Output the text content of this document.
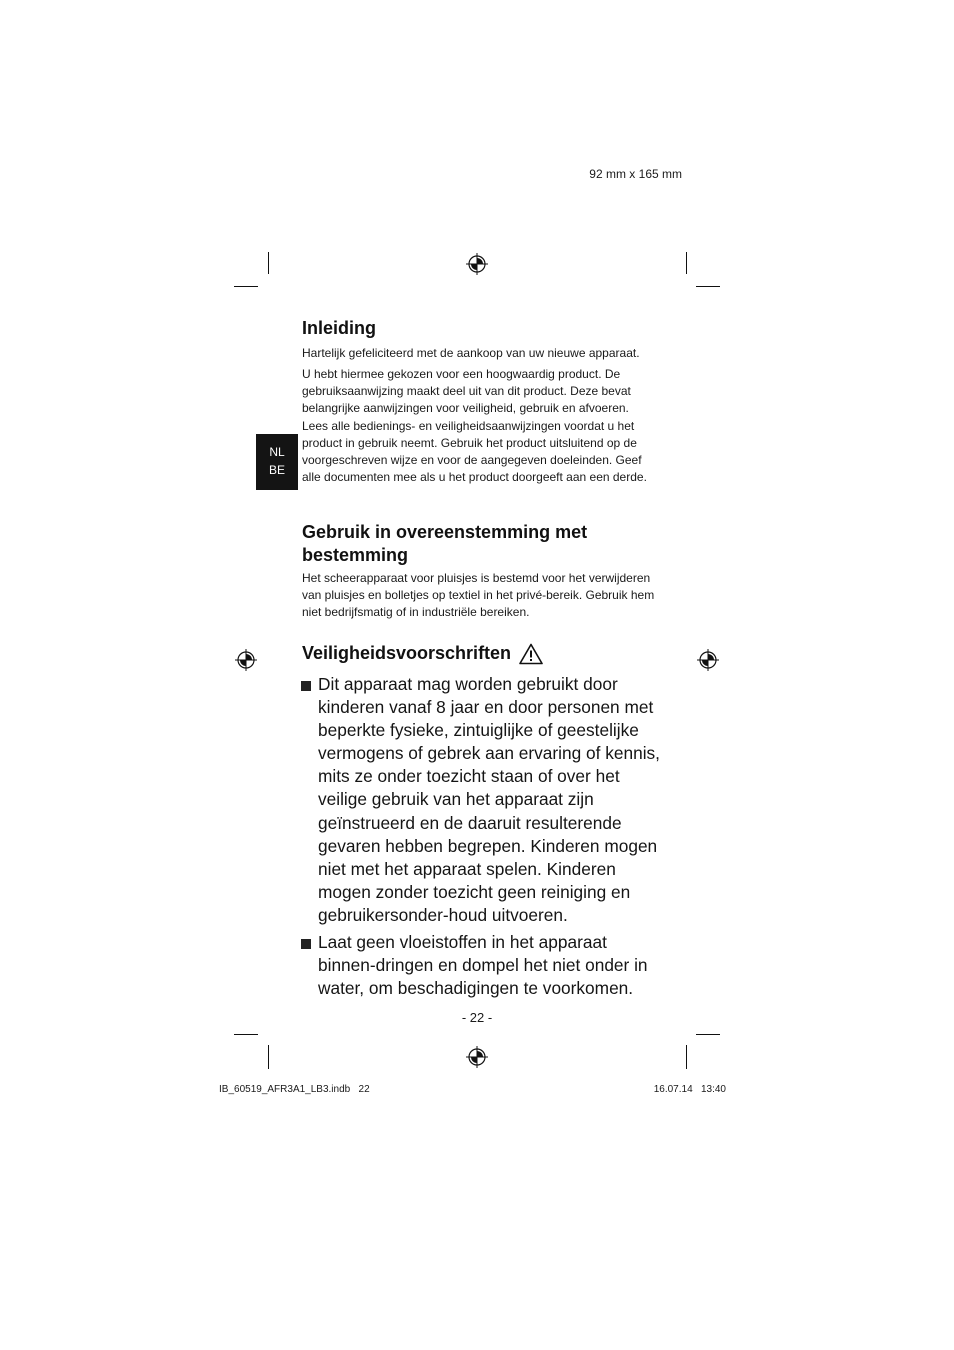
92 mm x 165 mm
NL
BE
Inleiding

Hartelijk gefeliciteerd met de aankoop van uw nieuwe apparaat.

U hebt hiermee gekozen voor een hoogwaardig product. De gebruiksaanwijzing maakt deel uit van dit product. Deze bevat belangrijke aanwijzingen voor veiligheid, gebruik en afvoeren. Lees alle bedienings- en veiligheidsaanwijzingen voordat u het product in gebruik neemt. Gebruik het product uitsluitend op de voorgeschreven wijze en voor de aangegeven doeleinden. Geef alle documenten mee als u het product doorgeeft aan een derde.

Gebruik in overeenstemming met bestemming

Het scheerapparaat voor pluisjes is bestemd voor het verwijderen van pluisjes en bolletjes op textiel in het privé-bereik. Gebruik hem niet bedrijfsmatig of in industriële bereiken.

Veiligheidsvoorschriften
Dit apparaat mag worden gebruikt door kinderen vanaf 8 jaar en door personen met beperkte fysieke, zintuiglijke of geestelijke vermogens of gebrek aan ervaring of kennis, mits ze onder toezicht staan of over het veilige gebruik van het apparaat zijn geïnstrueerd en de daaruit resulterende gevaren hebben begrepen. Kinderen mogen niet met het apparaat spelen. Kinderen mogen zonder toezicht geen reiniging en gebruikersonder-houd uitvoeren.
Laat geen vloeistoffen in het apparaat binnen-dringen en dompel het niet onder in water, om beschadigingen te voorkomen.
- 22 -
IB_60519_AFR3A1_LB3.indb   22	16.07.14   13:40
